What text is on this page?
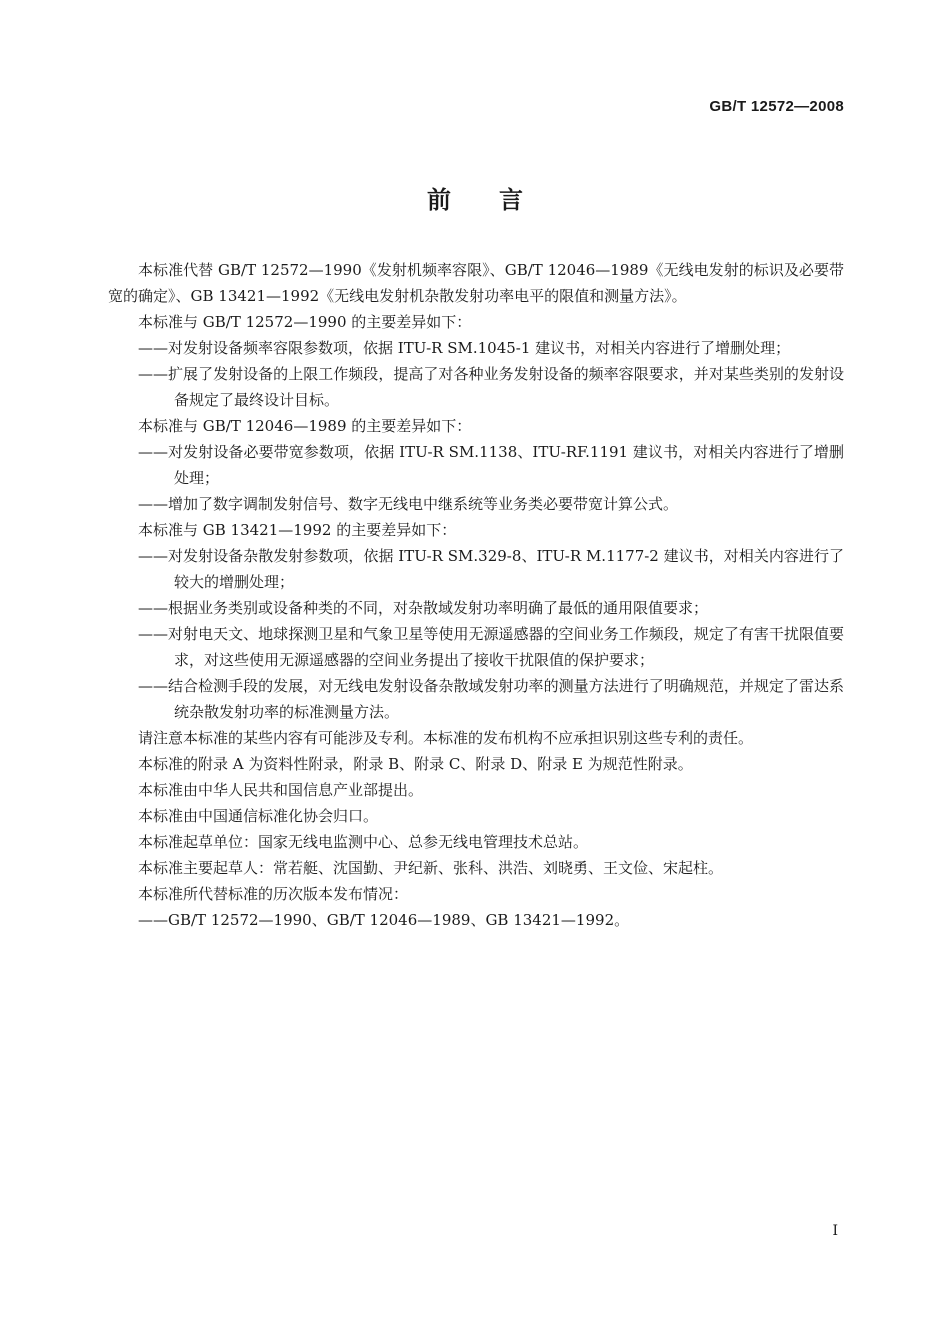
GB/T 12572—2008
前言

本标准代替 GB/T 12572—1990《发射机频率容限》、GB/T 12046—1989《无线电发射的标识及必要带宽的确定》、GB 13421—1992《无线电发射机杂散发射功率电平的限值和测量方法》。

本标准与 GB/T 12572—1990 的主要差异如下：

——对发射设备频率容限参数项，依据 ITU-R SM.1045-1 建议书，对相关内容进行了增删处理；

——扩展了发射设备的上限工作频段，提高了对各种业务发射设备的频率容限要求，并对某些类别的发射设备规定了最终设计目标。

本标准与 GB/T 12046—1989 的主要差异如下：

——对发射设备必要带宽参数项，依据 ITU-R SM.1138、ITU-RF.1191 建议书，对相关内容进行了增删处理；

——增加了数字调制发射信号、数字无线电中继系统等业务类必要带宽计算公式。

本标准与 GB 13421—1992 的主要差异如下：

——对发射设备杂散发射参数项，依据 ITU-R SM.329-8、ITU-R M.1177-2 建议书，对相关内容进行了较大的增删处理；

——根据业务类别或设备种类的不同，对杂散域发射功率明确了最低的通用限值要求；

——对射电天文、地球探测卫星和气象卫星等使用无源遥感器的空间业务工作频段，规定了有害干扰限值要求，对这些使用无源遥感器的空间业务提出了接收干扰限值的保护要求；

——结合检测手段的发展，对无线电发射设备杂散域发射功率的测量方法进行了明确规范，并规定了雷达系统杂散发射功率的标准测量方法。

请注意本标准的某些内容有可能涉及专利。本标准的发布机构不应承担识别这些专利的责任。

本标准的附录 A 为资料性附录，附录 B、附录 C、附录 D、附录 E 为规范性附录。

本标准由中华人民共和国信息产业部提出。

本标准由中国通信标准化协会归口。

本标准起草单位：国家无线电监测中心、总参无线电管理技术总站。

本标准主要起草人：常若艇、沈国勤、尹纪新、张科、洪浩、刘晓勇、王文俭、宋起柱。

本标准所代替标准的历次版本发布情况：

——GB/T 12572—1990、GB/T 12046—1989、GB 13421—1992。

I
